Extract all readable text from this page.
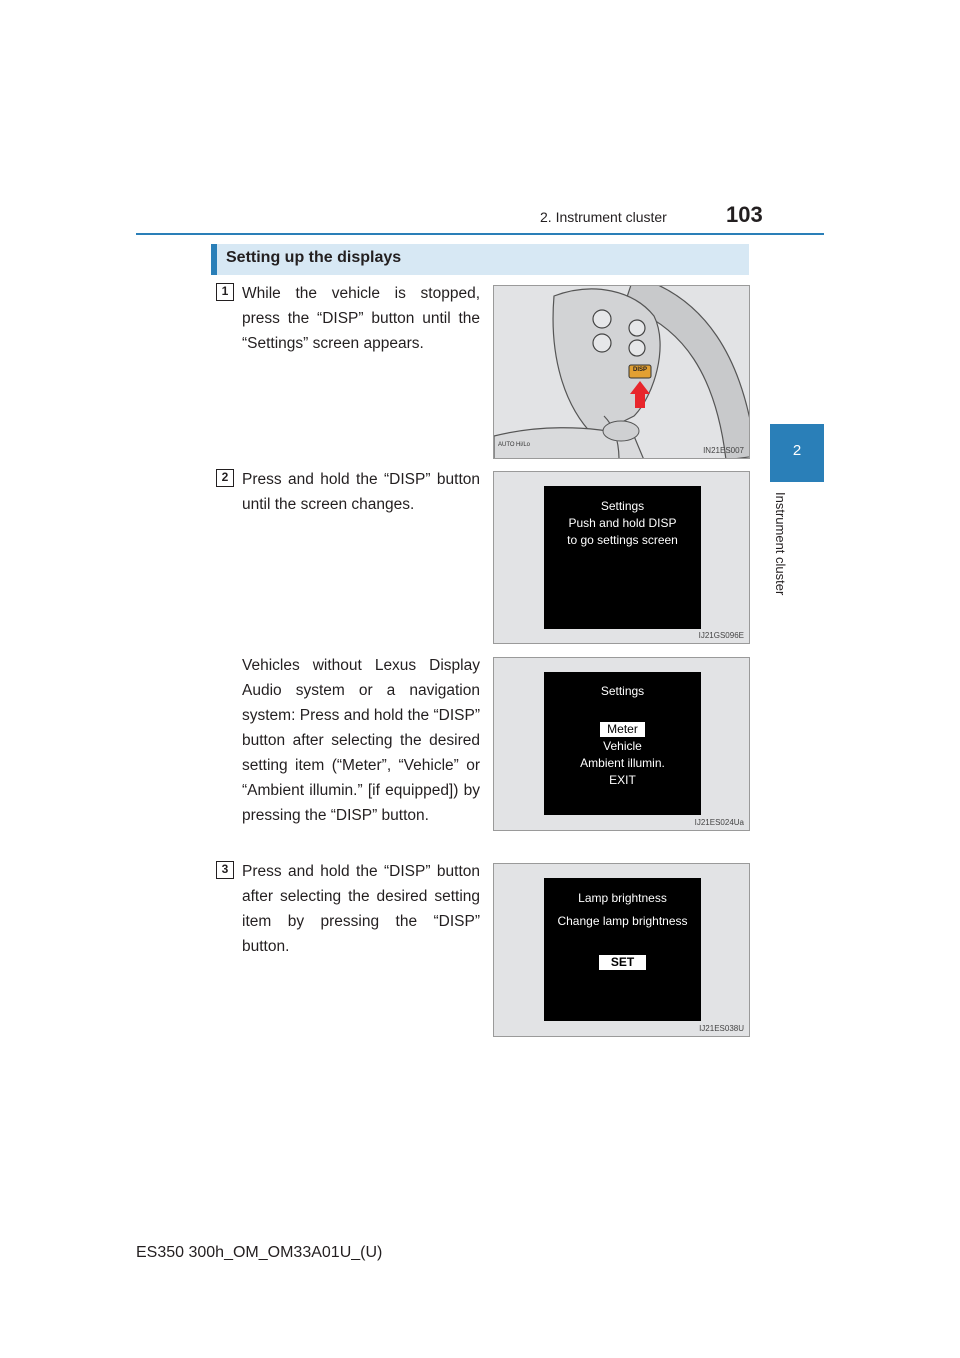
2. Instrument cluster	103
2
Instrument cluster
Setting up the displays
1 While the vehicle is stopped, press the “DISP” button until the “Settings” screen appears.

DISP
AUTO Hi/Lo
IN21ES007
2 Press and hold the “DISP” button until the screen changes.	Settings
Push and hold DISP
to go settings screen
IJ21GS096E

Vehicles without Lexus Display Audio system or a navigation system: Press and hold the “DISP” button after selecting the desired setting item (“Meter”, “Vehicle” or “Ambient illumin.” [if equipped]) by pressing the “DISP” button.

Settings
Meter
Vehicle
Ambient illumin.
EXIT
IJ21ES024Ua
3 Press and hold the “DISP” button after selecting the desired setting item by pressing the “DISP” button.

Lamp brightness
Change lamp brightness
SET
IJ21ES038U
ES350 300h_OM_OM33A01U_(U)
